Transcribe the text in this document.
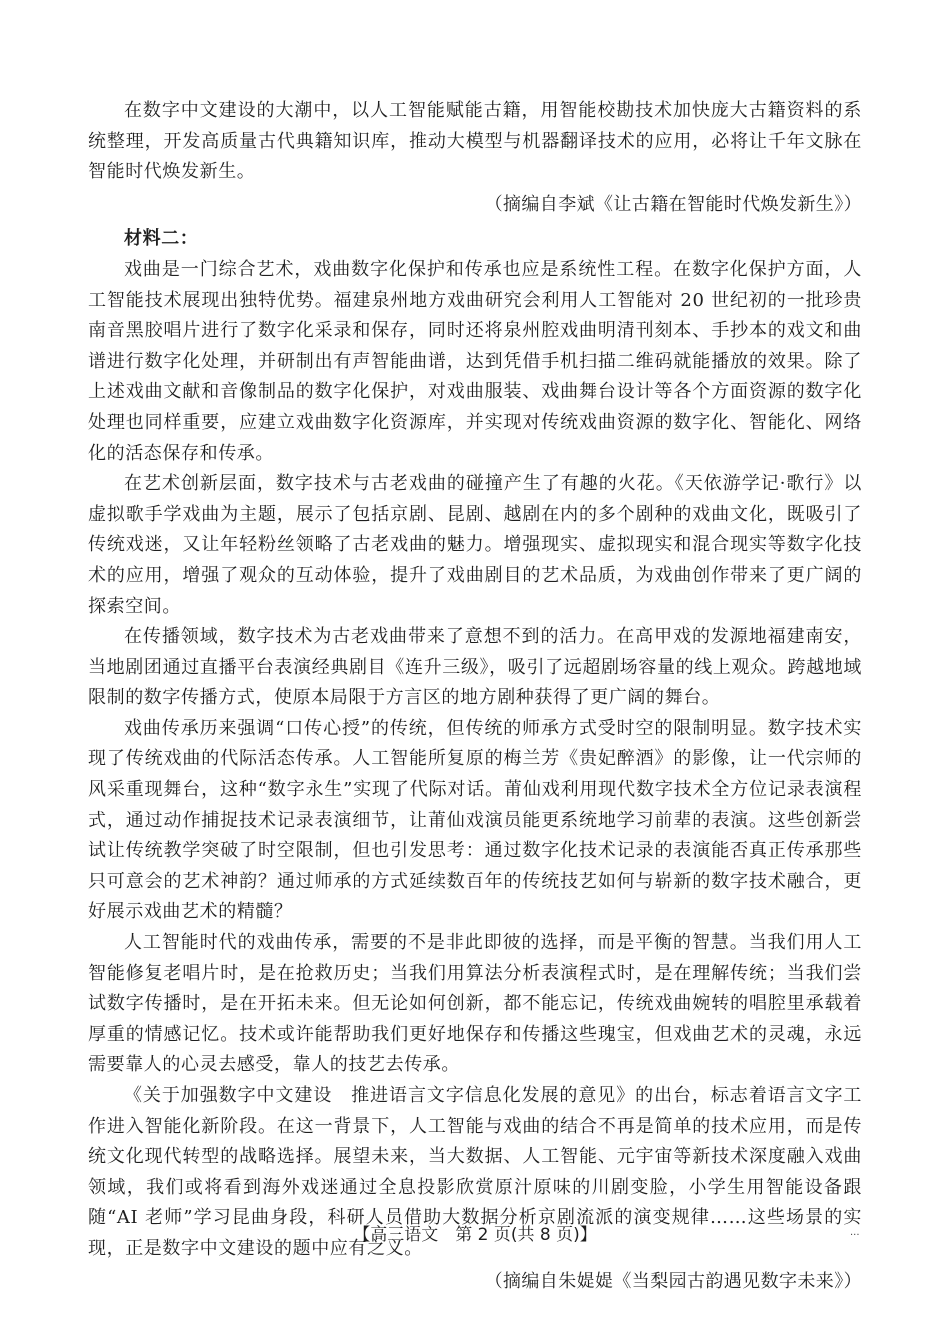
在数字中文建设的大潮中，以人工智能赋能古籍，用智能校勘技术加快庞大古籍资料的系统整理，开发高质量古代典籍知识库，推动大模型与机器翻译技术的应用，必将让千年文脉在智能时代焕发新生。

（摘编自李斌《让古籍在智能时代焕发新生》）

材料二：

戏曲是一门综合艺术，戏曲数字化保护和传承也应是系统性工程。在数字化保护方面，人工智能技术展现出独特优势。福建泉州地方戏曲研究会利用人工智能对 20 世纪初的一批珍贵南音黑胶唱片进行了数字化采录和保存，同时还将泉州腔戏曲明清刊刻本、手抄本的戏文和曲谱进行数字化处理，并研制出有声智能曲谱，达到凭借手机扫描二维码就能播放的效果。除了上述戏曲文献和音像制品的数字化保护，对戏曲服装、戏曲舞台设计等各个方面资源的数字化处理也同样重要，应建立戏曲数字化资源库，并实现对传统戏曲资源的数字化、智能化、网络化的活态保存和传承。

在艺术创新层面，数字技术与古老戏曲的碰撞产生了有趣的火花。《天依游学记·歌行》以虚拟歌手学戏曲为主题，展示了包括京剧、昆剧、越剧在内的多个剧种的戏曲文化，既吸引了传统戏迷，又让年轻粉丝领略了古老戏曲的魅力。增强现实、虚拟现实和混合现实等数字化技术的应用，增强了观众的互动体验，提升了戏曲剧目的艺术品质，为戏曲创作带来了更广阔的探索空间。

在传播领域，数字技术为古老戏曲带来了意想不到的活力。在高甲戏的发源地福建南安，当地剧团通过直播平台表演经典剧目《连升三级》，吸引了远超剧场容量的线上观众。跨越地域限制的数字传播方式，使原本局限于方言区的地方剧种获得了更广阔的舞台。

戏曲传承历来强调“口传心授”的传统，但传统的师承方式受时空的限制明显。数字技术实现了传统戏曲的代际活态传承。人工智能所复原的梅兰芳《贵妃醉酒》的影像，让一代宗师的风采重现舞台，这种“数字永生”实现了代际对话。莆仙戏利用现代数字技术全方位记录表演程式，通过动作捕捉技术记录表演细节，让莆仙戏演员能更系统地学习前辈的表演。这些创新尝试让传统教学突破了时空限制，但也引发思考：通过数字化技术记录的表演能否真正传承那些只可意会的艺术神韵？通过师承的方式延续数百年的传统技艺如何与崭新的数字技术融合，更好展示戏曲艺术的精髓？

人工智能时代的戏曲传承，需要的不是非此即彼的选择，而是平衡的智慧。当我们用人工智能修复老唱片时，是在抢救历史；当我们用算法分析表演程式时，是在理解传统；当我们尝试数字传播时，是在开拓未来。但无论如何创新，都不能忘记，传统戏曲婉转的唱腔里承载着厚重的情感记忆。技术或许能帮助我们更好地保存和传播这些瑰宝，但戏曲艺术的灵魂，永远需要靠人的心灵去感受，靠人的技艺去传承。

《关于加强数字中文建设　推进语言文字信息化发展的意见》的出台，标志着语言文字工作进入智能化新阶段。在这一背景下，人工智能与戏曲的结合不再是简单的技术应用，而是传统文化现代转型的战略选择。展望未来，当大数据、人工智能、元宇宙等新技术深度融入戏曲领域，我们或将看到海外戏迷通过全息投影欣赏原汁原味的川剧变脸，小学生用智能设备跟随“AI 老师”学习昆曲身段，科研人员借助大数据分析京剧流派的演变规律……这些场景的实现，正是数字中文建设的题中应有之义。

（摘编自朱媞媞《当梨园古韵遇见数字未来》）

【高三语文　第 2 页(共 8 页)】	...
